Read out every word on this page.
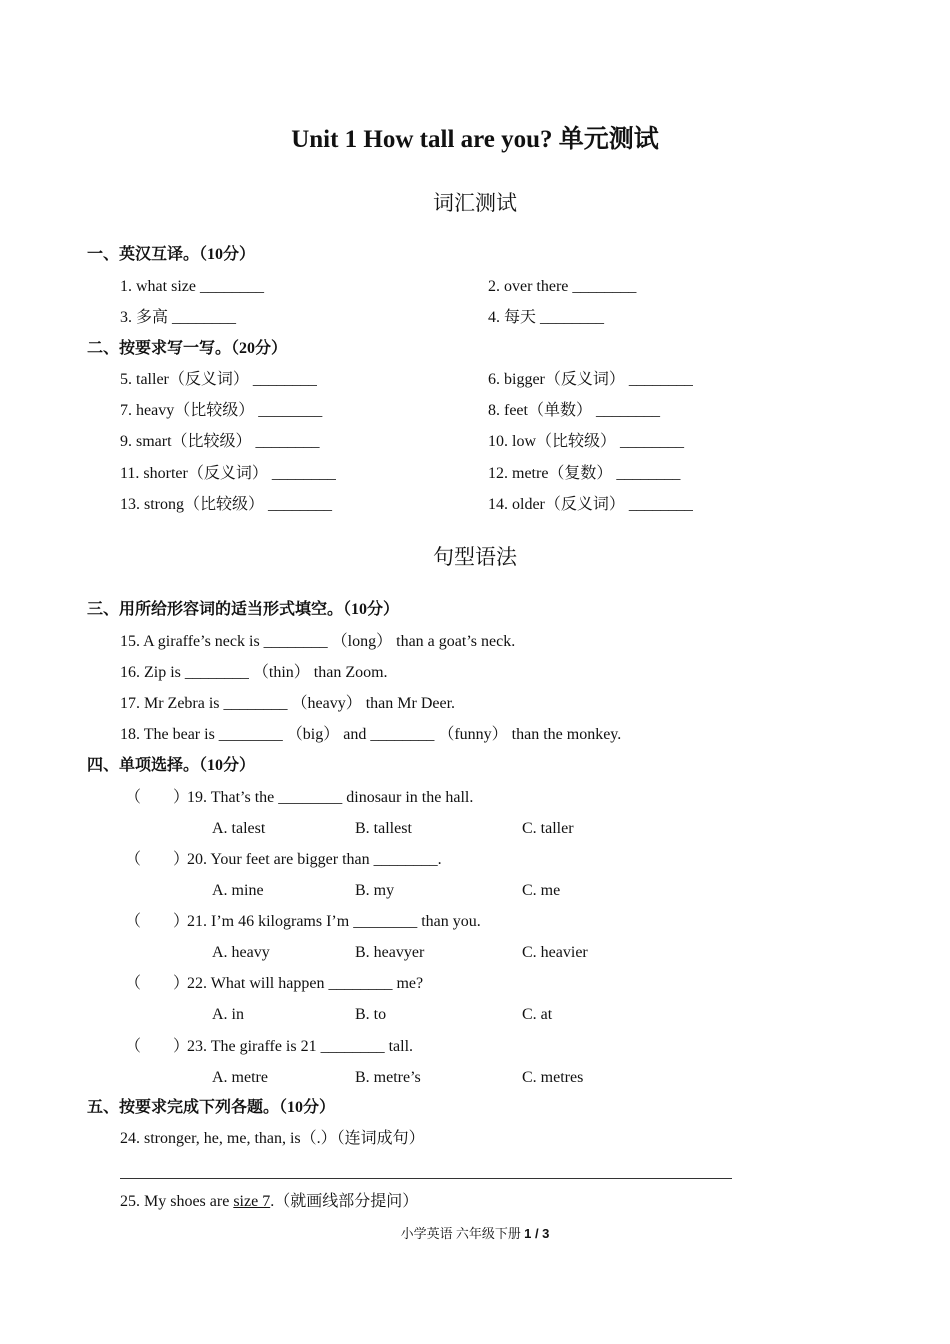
Unit 1 How tall are you? 单元测试
词汇测试
一、英汉互译。（10分）
1. what size ________	2. over there ________
3. 多高 ________	4. 每天 ________
二、按要求写一写。（20分）
5. taller（反义词） ________	6. bigger（反义词） ________
7. heavy（比较级） ________	8. feet（单数） ________
9. smart（比较级） ________	10. low（比较级） ________
11. shorter（反义词） ________	12. metre（复数） ________
13. strong（比较级） ________	14. older（反义词） ________
句型语法
三、用所给形容词的适当形式填空。（10分）
15. A giraffe’s neck is ________ （long） than a goat’s neck.
16. Zip is ________ （thin） than Zoom.
17. Mr Zebra is ________ （heavy） than Mr Deer.
18. The bear is ________ （big） and ________ （funny） than the monkey.
四、单项选择。（10分）
（　　）
19. That’s the ________ dinosaur in the hall.
A. talest	B. tallest	C. taller
（　　）
20. Your feet are bigger than ________.
A. mine	B. my	C. me
（　　）
21. I’m 46 kilograms I’m ________ than you.
A. heavy	B. heavyer	C. heavier
（　　）
22. What will happen ________ me?
A. in	B. to	C. at
（　　）
23. The giraffe is 21 ________ tall.
A. metre	B. metre’s	C. metres
五、按要求完成下列各题。（10分）
24. stronger, he, me, than, is（.）（连词成句）
25. My shoes are size 7.（就画线部分提问）
小学英语 六年级下册 1 / 3
